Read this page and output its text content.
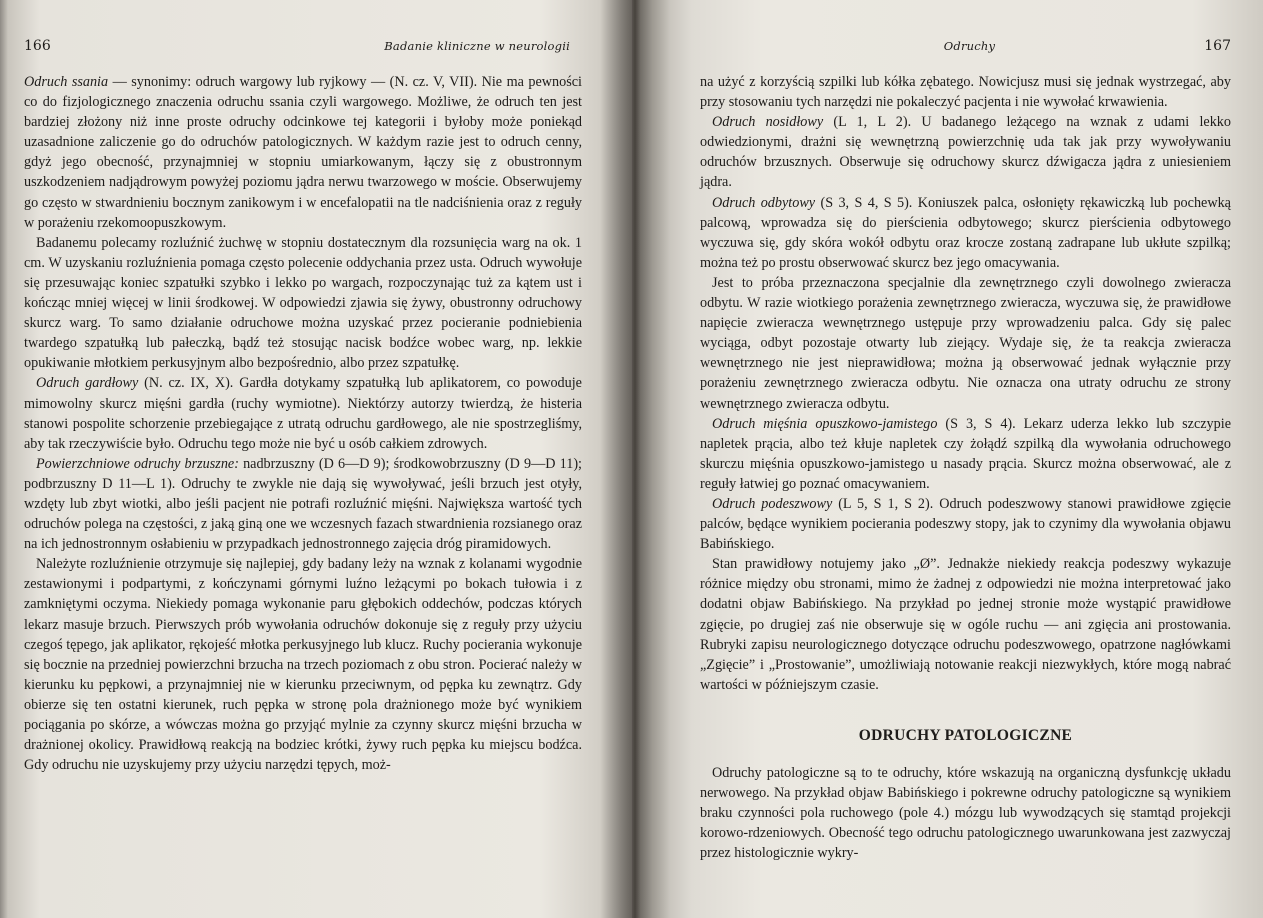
166	Badanie kliniczne w neurologii

Odruch ssania — synonimy: odruch wargowy lub ryjkowy — (N. cz. V, VII). Nie ma pewności co do fizjologicznego znaczenia odruchu ssania czyli wargowego. Możliwe, że odruch ten jest bardziej złożony niż inne proste odruchy odcinkowe tej kategorii i byłoby może poniekąd uzasadnione zaliczenie go do odruchów patologicznych. W każdym razie jest to odruch cenny, gdyż jego obecność, przynajmniej w stopniu umiarkowanym, łączy się z obustronnym uszkodzeniem nadjądrowym powyżej poziomu jądra nerwu twarzowego w moście. Obserwujemy go często w stwardnieniu bocznym zanikowym i w encefalopatii na tle nadciśnienia oraz z reguły w porażeniu rzekomoopuszkowym.

Badanemu polecamy rozluźnić żuchwę w stopniu dostatecznym dla rozsunięcia warg na ok. 1 cm. W uzyskaniu rozluźnienia pomaga często polecenie oddychania przez usta. Odruch wywołuje się przesuwając koniec szpatułki szybko i lekko po wargach, rozpoczynając tuż za kątem ust i kończąc mniej więcej w linii środkowej. W odpowiedzi zjawia się żywy, obustronny odruchowy skurcz warg. To samo działanie odruchowe można uzyskać przez pocieranie podniebienia twardego szpatułką lub pałeczką, bądź też stosując nacisk bodźce wobec warg, np. lekkie opukiwanie młotkiem perkusyjnym albo bezpośrednio, albo przez szpatułkę.

Odruch gardłowy (N. cz. IX, X). Gardła dotykamy szpatułką lub aplikatorem, co powoduje mimowolny skurcz mięśni gardła (ruchy wymiotne). Niektórzy autorzy twierdzą, że histeria stanowi pospolite schorzenie przebiegające z utratą odruchu gardłowego, ale nie spostrzegliśmy, aby tak rzeczywiście było. Odruchu tego może nie być u osób całkiem zdrowych.

Powierzchniowe odruchy brzuszne: nadbrzuszny (D 6—D 9); środkowobrzuszny (D 9—D 11); podbrzuszny D 11—L 1). Odruchy te zwykle nie dają się wywoływać, jeśli brzuch jest otyły, wzdęty lub zbyt wiotki, albo jeśli pacjent nie potrafi rozluźnić mięśni. Największa wartość tych odruchów polega na częstości, z jaką giną one we wczesnych fazach stwardnienia rozsianego oraz na ich jednostronnym osłabieniu w przypadkach jednostronnego zajęcia dróg piramidowych.

Należyte rozluźnienie otrzymuje się najlepiej, gdy badany leży na wznak z kolanami wygodnie zestawionymi i podpartymi, z kończynami górnymi luźno leżącymi po bokach tułowia i z zamkniętymi oczyma. Niekiedy pomaga wykonanie paru głębokich oddechów, podczas których lekarz masuje brzuch. Pierwszych prób wywołania odruchów dokonuje się z reguły przy użyciu czegoś tępego, jak aplikator, rękojeść młotka perkusyjnego lub klucz. Ruchy pocierania wykonuje się bocznie na przedniej powierzchni brzucha na trzech poziomach z obu stron. Pocierać należy w kierunku ku pępkowi, a przynajmniej nie w kierunku przeciwnym, od pępka ku zewnątrz. Gdy obierze się ten ostatni kierunek, ruch pępka w stronę pola drażnionego może być wynikiem pociągania po skórze, a wówczas można go przyjąć mylnie za czynny skurcz mięśni brzucha w drażnionej okolicy. Prawidłową reakcją na bodziec krótki, żywy ruch pępka ku miejscu bodźca. Gdy odruchu nie uzyskujemy przy użyciu narzędzi tępych, moż-

Odruchy	167

na użyć z korzyścią szpilki lub kółka zębatego. Nowicjusz musi się jednak wystrzegać, aby przy stosowaniu tych narzędzi nie pokaleczyć pacjenta i nie wywołać krwawienia.

Odruch nosidłowy (L 1, L 2). U badanego leżącego na wznak z udami lekko odwiedzionymi, drażni się wewnętrzną powierzchnię uda tak jak przy wywoływaniu odruchów brzusznych. Obserwuje się odruchowy skurcz dźwigacza jądra z uniesieniem jądra.

Odruch odbytowy (S 3, S 4, S 5). Koniuszek palca, osłonięty rękawiczką lub pochewką palcową, wprowadza się do pierścienia odbytowego; skurcz pierścienia odbytowego wyczuwa się, gdy skóra wokół odbytu oraz krocze zostaną zadrapane lub ukłute szpilką; można też po prostu obserwować skurcz bez jego omacywania.

Jest to próba przeznaczona specjalnie dla zewnętrznego czyli dowolnego zwieracza odbytu. W razie wiotkiego porażenia zewnętrznego zwieracza, wyczuwa się, że prawidłowe napięcie zwieracza wewnętrznego ustępuje przy wprowadzeniu palca. Gdy się palec wyciąga, odbyt pozostaje otwarty lub ziejący. Wydaje się, że ta reakcja zwieracza wewnętrznego nie jest nieprawidłowa; można ją obserwować jednak wyłącznie przy porażeniu zewnętrznego zwieracza odbytu. Nie oznacza ona utraty odruchu ze strony wewnętrznego zwieracza odbytu.

Odruch mięśnia opuszkowo-jamistego (S 3, S 4). Lekarz uderza lekko lub szczypie napletek prącia, albo też kłuje napletek czy żołądź szpilką dla wywołania odruchowego skurczu mięśnia opuszkowo-jamistego u nasady prącia. Skurcz można obserwować, ale z reguły łatwiej go poznać omacywaniem.

Odruch podeszwowy (L 5, S 1, S 2). Odruch podeszwowy stanowi prawidłowe zgięcie palców, będące wynikiem pocierania podeszwy stopy, jak to czynimy dla wywołania objawu Babińskiego.

Stan prawidłowy notujemy jako „Ø”. Jednakże niekiedy reakcja podeszwy wykazuje różnice między obu stronami, mimo że żadnej z odpowiedzi nie można interpretować jako dodatni objaw Babińskiego. Na przykład po jednej stronie może wystąpić prawidłowe zgięcie, po drugiej zaś nie obserwuje się w ogóle ruchu — ani zgięcia ani prostowania. Rubryki zapisu neurologicznego dotyczące odruchu podeszwowego, opatrzone nagłówkami „Zgięcie” i „Prostowanie”, umożliwiają notowanie reakcji niezwykłych, które mogą nabrać wartości w późniejszym czasie.

ODRUCHY PATOLOGICZNE

Odruchy patologiczne są to te odruchy, które wskazują na organiczną dysfunkcję układu nerwowego. Na przykład objaw Babińskiego i pokrewne odruchy patologiczne są wynikiem braku czynności pola ruchowego (pole 4.) mózgu lub wywodzących się stamtąd projekcji korowo-rdzeniowych. Obecność tego odruchu patologicznego uwarunkowana jest zazwyczaj przez histologicznie wykry-
